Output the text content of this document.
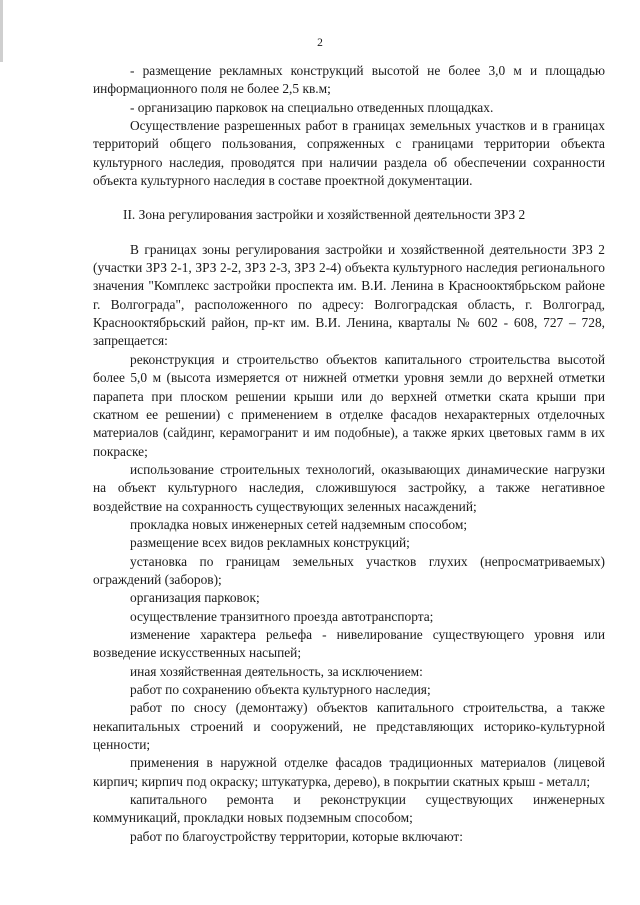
2

- размещение рекламных конструкций высотой не более 3,0 м и площадью информационного поля не более 2,5 кв.м;

- организацию парковок на специально отведенных площадках.

Осуществление разрешенных работ в границах земельных участков и в границах территорий общего пользования, сопряженных с границами территории объекта культурного наследия, проводятся при наличии раздела об обеспечении сохранности объекта культурного наследия в составе проектной документации.

II. Зона регулирования застройки и хозяйственной деятельности ЗРЗ 2

В границах зоны регулирования застройки и хозяйственной деятельности ЗРЗ 2 (участки ЗРЗ 2-1, ЗРЗ 2-2, ЗРЗ 2-3, ЗРЗ 2-4) объекта культурного наследия регионального значения "Комплекс застройки проспекта им. В.И. Ленина в Краснооктябрьском районе г. Волгограда", расположенного по адресу: Волгоградская область, г. Волгоград, Краснооктябрьский район, пр-кт им. В.И. Ленина, кварталы № 602 - 608, 727 – 728, запрещается:

реконструкция и строительство объектов капитального строительства высотой более 5,0 м (высота измеряется от нижней отметки уровня земли до верхней отметки парапета при плоском решении крыши или до верхней отметки ската крыши при скатном ее решении) с применением в отделке фасадов нехарактерных отделочных материалов (сайдинг, керамогранит и им подобные), а также ярких цветовых гамм в их покраске;

использование строительных технологий, оказывающих динамические нагрузки на объект культурного наследия, сложившуюся застройку, а также негативное воздействие на сохранность существующих зеленных насаждений;

прокладка новых инженерных сетей надземным способом;

размещение всех видов рекламных конструкций;

установка по границам земельных участков глухих (непросматриваемых) ограждений (заборов);

организация парковок;

осуществление транзитного проезда автотранспорта;

изменение характера рельефа - нивелирование существующего уровня или возведение искусственных насыпей;

иная хозяйственная деятельность, за исключением:

работ по сохранению объекта культурного наследия;

работ по сносу (демонтажу) объектов капитального строительства, а также некапитальных строений и сооружений, не представляющих историко-культурной ценности;

применения в наружной отделке фасадов традиционных материалов (лицевой кирпич; кирпич под окраску; штукатурка, дерево), в покрытии скатных крыш - металл;

капитального ремонта и реконструкции существующих инженерных коммуникаций, прокладки новых подземным способом;

работ по благоустройству территории, которые включают:
